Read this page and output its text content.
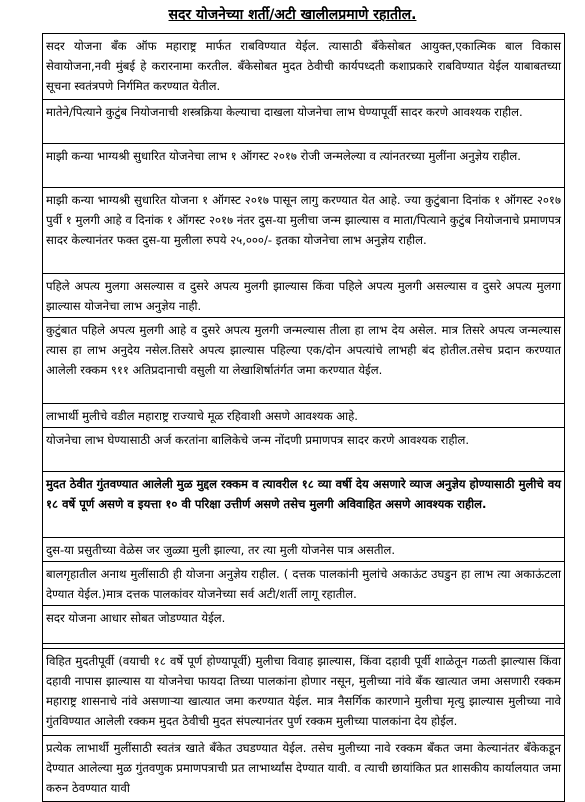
सदर योजनेच्या शर्ती/अटी खालीलप्रमाणे रहातील.
सदर योजना बँक ऑफ महाराष्ट्र मार्फत राबविण्यात येईल. त्यासाठी बँकेसोबत आयुक्त,एकात्मिक बाल विकास सेवायोजना,नवी मुंबई हे करारनामा करतील. बँकेसोबत मुदत ठेवीची कार्यपध्दती कशाप्रकारे राबविण्यात येईल याबाबतच्या सूचना स्वतंत्रपणे निर्गमित करण्यात येतील.
मातेने/पित्याने कुटुंब नियोजनाची शस्त्रक्रिया केल्याचा दाखला योजनेचा लाभ घेण्यापूर्वी सादर करणे आवश्यक राहील.
माझी कन्या भाग्यश्री सुधारित योजनेचा लाभ १ ऑगस्ट २०१७ रोजी जन्मलेल्या व त्यांनतरच्या मुलींना अनुज्ञेय राहील.
माझी कन्या भाग्यश्री सुधारित योजना १ ऑगस्ट २०१७ पासून लागु करण्यात येत आहे. ज्या कुटुंबाना दिनांक १ ऑगस्ट २०१७ पुर्वी १ मुलगी आहे व दिनांक १ ऑगस्ट २०१७ नंतर दुस-या मुलीचा जन्म झाल्यास व माता/पित्याने कुटुंब नियोजनाचे प्रमाणपत्र सादर केल्यानंतर फक्त दुस-या मुलीला रुपये २५,०००/- इतका योजनेचा लाभ अनुज्ञेय राहील.
पहिले अपत्य मुलगा असल्यास व दुसरे अपत्य मुलगी झाल्यास किंवा पहिले अपत्य मुलगी असल्यास व दुसरे अपत्य मुलगा झाल्यास योजनेचा लाभ अनुज्ञेय नाही.
कुटुंबात पहिले अपत्य मुलगी आहे व दुसरे अपत्य मुलगी जन्मल्यास तीला हा लाभ देय असेल. मात्र तिसरे अपत्य जन्मल्यास त्यास हा लाभ अनुदेय नसेल.तिसरे अपत्य झाल्यास पहिल्या एक/दोन अपत्यांचे लाभही बंद होतील.तसेच प्रदान करण्यात आलेली रक्कम ९११ अतिप्रदानाची वसुली या लेखाशिर्षातंर्गत जमा करण्यात येईल.
लाभार्थी मुलीचे वडील महाराष्ट्र राज्याचे मूळ रहिवाशी असणे आवश्यक आहे.
योजनेचा लाभ घेण्यासाठी अर्ज करतांना बालिकेचे जन्म नोंदणी प्रमाणपत्र सादर करणे आवश्यक राहील.
मुदत ठेवीत गुंतवण्यात आलेली मुळ मुद्दल रक्कम व त्यावरील १८ व्या वर्षी देय असणारे व्याज अनुज्ञेय होण्यासाठी मुलीचे वय १८ वर्षे पूर्ण असणे व इयत्ता १० वी परिक्षा उत्तीर्ण असणे तसेच मुलगी अविवाहित असणे आवश्यक राहील.
दुस-या प्रसुतीच्या वेळेस जर जुळ्या मुली झाल्या, तर त्या मुली योजनेस पात्र असतील.
बालगृहातील अनाथ मुलींसाठी ही योजना अनुज्ञेय राहील. ( दत्तक पालकांनी मुलांचे अकाऊंट उघडुन हा लाभ त्या अकाऊंटला देण्यात येईल.)मात्र दत्तक पालकांवर योजनेच्या सर्व अटी/शर्ती लागू रहातील.
सदर योजना आधार सोबत जोडण्यात येईल.
विहित मुदतीपूर्वी (वयाची १८ वर्षे पूर्ण होण्यापूर्वी) मुलीचा विवाह झाल्यास, किंवा दहावी पूर्वी शाळेतून गळती झाल्यास किंवा दहावी नापास झाल्यास या योजनेचा फायदा तिच्या पालकांना होणार नसून, मुलीच्या नांवे बँक खात्यात जमा असणारी रक्कम महाराष्ट्र शासनाचे नांवे असणाऱ्या खात्यात जमा करण्यात येईल. मात्र नैसर्गिक कारणाने मुलीचा मृत्यु झाल्यास मुलीच्या नावे गुंतविण्यात आलेली रक्कम मुदत ठेवीची मुदत संपल्यानंतर पुर्ण रक्कम मुलीच्या पालकांना देय होईल.
प्रत्येक लाभार्थी मुलींसाठी स्वतंत्र खाते बँकेत उघडण्यात येईल. तसेच मुलीच्या नावे रक्कम बँकत जमा केल्यानंतर बँकेकडून देण्यात आलेल्या मुळ गुंतवणुक प्रमाणपत्राची प्रत लाभार्थ्यांस देण्यात यावी. व त्याची छायांकित प्रत शासकीय कार्यालयात जमा करुन ठेवण्यात यावी
